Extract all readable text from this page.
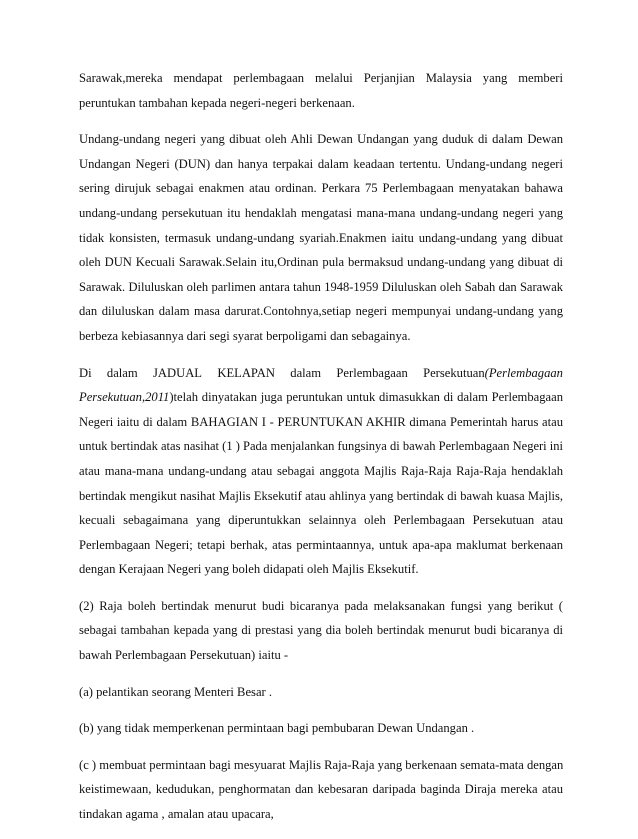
Sarawak,mereka mendapat perlembagaan melalui Perjanjian Malaysia yang memberi
peruntukan tambahan kepada negeri-negeri berkenaan.
Undang-undang negeri yang dibuat oleh Ahli Dewan Undangan yang duduk di dalam Dewan
Undangan Negeri (DUN) dan hanya terpakai dalam keadaan tertentu. Undang-undang negeri
sering dirujuk sebagai enakmen atau ordinan. Perkara 75 Perlembagaan menyatakan bahawa
undang-undang persekutuan itu hendaklah mengatasi mana-mana undang-undang negeri yang
tidak konsisten, termasuk undang-undang syariah.Enakmen iaitu undang-undang yang dibuat
oleh DUN Kecuali Sarawak.Selain itu,Ordinan pula bermaksud undang-undang yang dibuat di
Sarawak. Diluluskan oleh parlimen antara tahun 1948-1959 Diluluskan oleh Sabah dan Sarawak
dan diluluskan dalam masa darurat.Contohnya,setiap negeri mempunyai undang-undang yang
berbeza kebiasannya dari segi syarat berpoligami dan sebagainya.
Di dalam JADUAL KELAPAN dalam Perlembagaan Persekutuan(Perlembagaan
Persekutuan,2011)telah dinyatakan juga peruntukan untuk dimasukkan di dalam Perlembagaan
Negeri iaitu di dalam BAHAGIAN I - PERUNTUKAN AKHIR dimana Pemerintah harus atau
untuk bertindak atas nasihat (1 ) Pada menjalankan fungsinya di bawah Perlembagaan Negeri ini
atau mana-mana undang-undang atau sebagai anggota Majlis Raja-Raja Raja-Raja hendaklah
bertindak mengikut nasihat Majlis Eksekutif atau ahlinya yang bertindak di bawah kuasa Majlis,
kecuali sebagaimana yang diperuntukkan selainnya oleh Perlembagaan Persekutuan atau
Perlembagaan Negeri; tetapi berhak, atas permintaannya, untuk apa-apa maklumat berkenaan
dengan Kerajaan Negeri yang boleh didapati oleh Majlis Eksekutif.
(2) Raja boleh bertindak menurut budi bicaranya pada melaksanakan fungsi yang berikut (
sebagai tambahan kepada yang di prestasi yang dia boleh bertindak menurut budi bicaranya di
bawah Perlembagaan Persekutuan) iaitu -
(a) pelantikan seorang Menteri Besar .
(b) yang tidak memperkenan permintaan bagi pembubaran Dewan Undangan .
(c ) membuat permintaan bagi mesyuarat Majlis Raja-Raja yang berkenaan semata-mata dengan
keistimewaan, kedudukan, penghormatan dan kebesaran daripada baginda Diraja mereka atau
tindakan agama , amalan atau upacara,
